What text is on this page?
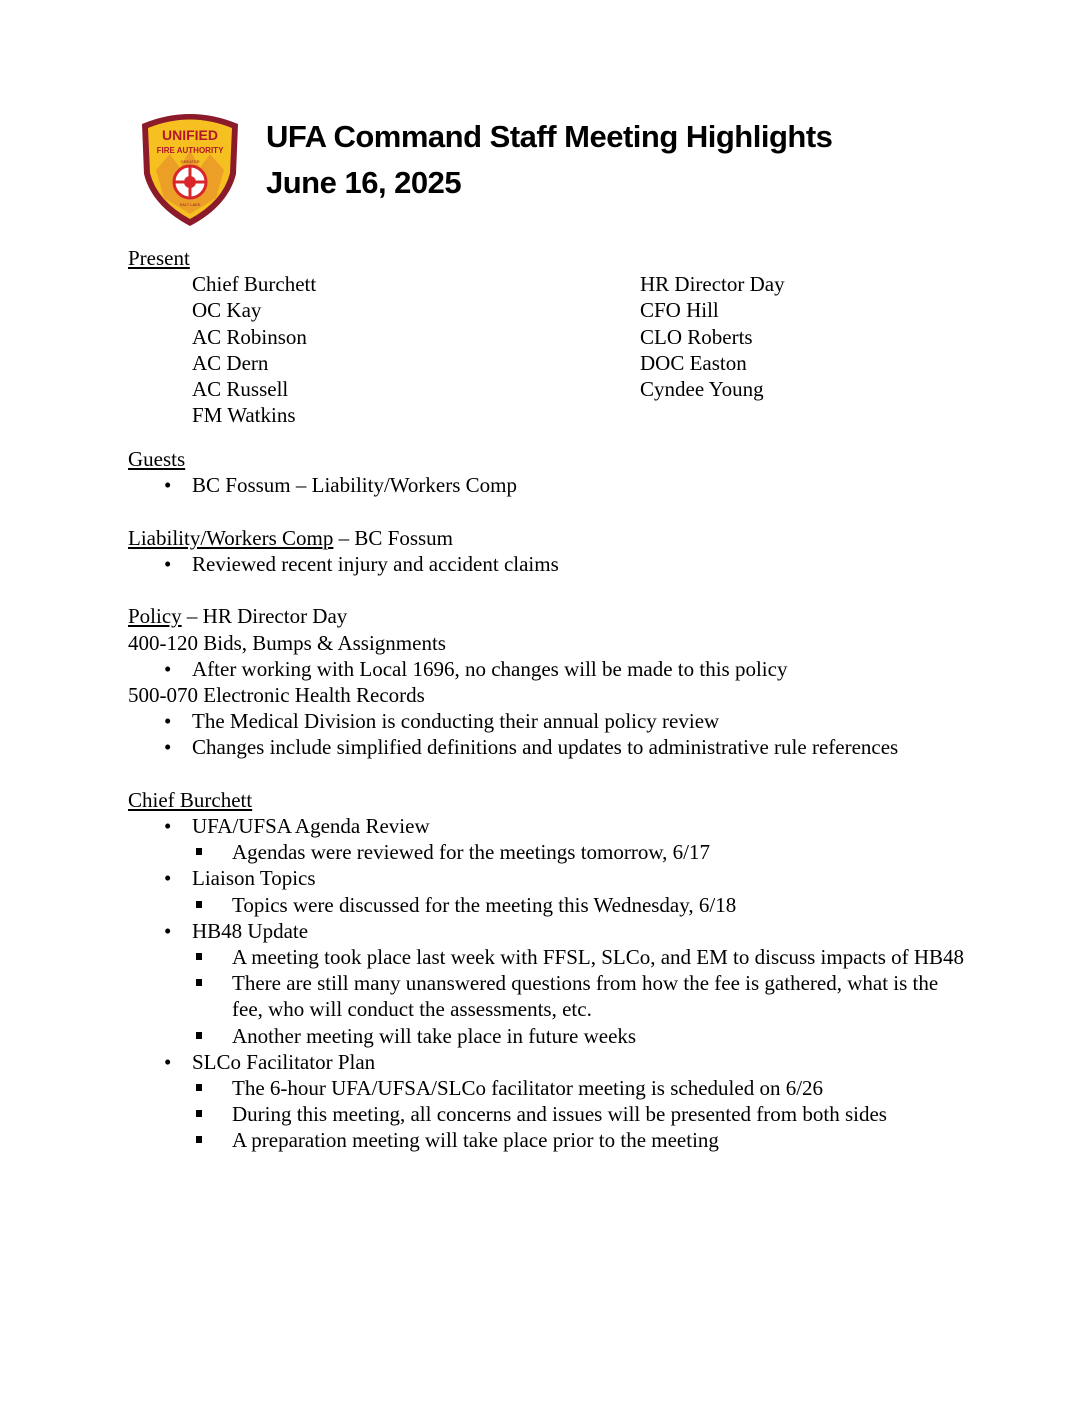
UNIFIED
FIRE AUTHORITY
GREATER
SALT LAKE
UFA Command Staff Meeting Highlights
June 16, 2025
Present
Chief Burchett
OC Kay
AC Robinson
AC Dern
AC Russell
FM Watkins
HR Director Day
CFO Hill
CLO Roberts
DOC Easton
Cyndee Young
Guests
• BC Fossum – Liability/Workers Comp
Liability/Workers Comp – BC Fossum
• Reviewed recent injury and accident claims
Policy – HR Director Day
400-120 Bids, Bumps & Assignments
• After working with Local 1696, no changes will be made to this policy
500-070 Electronic Health Records
• The Medical Division is conducting their annual policy review
• Changes include simplified definitions and updates to administrative rule references
Chief Burchett
• UFA/UFSA Agenda Review
Agendas were reviewed for the meetings tomorrow, 6/17
• Liaison Topics
Topics were discussed for the meeting this Wednesday, 6/18
• HB48 Update
A meeting took place last week with FFSL, SLCo, and EM to discuss impacts of HB48
There are still many unanswered questions from how the fee is gathered, what is the fee, who will conduct the assessments, etc.
Another meeting will take place in future weeks
• SLCo Facilitator Plan
The 6-hour UFA/UFSA/SLCo facilitator meeting is scheduled on 6/26
During this meeting, all concerns and issues will be presented from both sides
A preparation meeting will take place prior to the meeting
